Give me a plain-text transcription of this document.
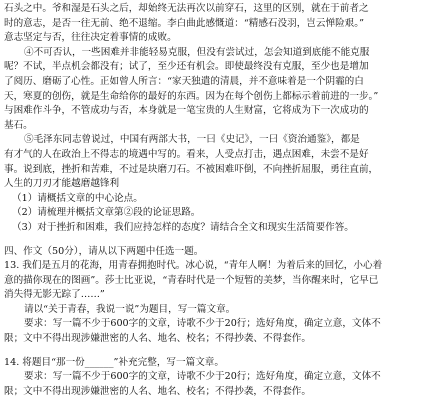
石头之中。爷和湿是石头之后，却始终无法再次以前穿石，这里的区别，就在于前者之
时的意志，是否一往无前、绝不退缩。李白曲此感慨道：“精感石没羽，岂云惮险艰。”
意志坚定与否，往往决定着事情的成败。
④不可否认，一些困难并非能轻易克服，但没有尝试过，怎会知道到底能不能克服
呢？不试，半点机会都没有；试了，至少还有机会。即使最终没有克服，至少也是增加
了阅历、磨砺了心性。正如曾人所言：“家天独遣的清晨，并不意味着是一个阴霾的白
天，寒夏的创伤，就是生命给你的最好的东西。因为在每个创伤上都标示着前进的一步。”
与困难作斗争，不管成功与否，本身就是一笔宝贵的人生财富，它将成为下一次成功的
基石。
⑤毛泽东同志曾说过，中国有两部大书，一曰《史记》，一曰《资治通鉴》，都是
有才气的人在政治上不得志的境遇中写的。看来，人受点打击，遇点困难，未尝不是好
事。说到底，挫折和苦难，不过是块磨刀石。不被困难吓倒，不向挫折屈服，勇往直前，
人生的刀刃才能越磨越锋利
（1）请概括文章的中心论点。
（2）请梳理并概括文章第②段的论证思路。
（3）对于挫折和困难，我们应持怎样的态度？请结合全文和现实生活简要作答。
四、作文（50分），请从以下两题中任选一题。
13. 我们是五月的花海，用青春拥抱时代。冰心说，“青年人啊！为着后来的回忆，小心着
意的描你现在的图画”。莎士比亚说，“青春时代是一个短暂的美梦，当你醒来时，它早已
消失得无影无踪了……”
请以“关于青春，我说一说”为题目，写一篇文章。
要求：写一篇不少于600字的文章，诗歌不少于20行；选好角度，确定立意，文体不
限；文中不得出现涉嫌泄密的人名、地名、校名；不得抄袭、不得套作。
14. 将题目“那一份______”补充完整，写一篇文章。
要求：写一篇不少于600字的文章，诗歌不少于20行；选好角度，确定立意，文体不
限；文中不得出现涉嫌泄密的人名、地名、校名；不得抄袭，不得套作。
